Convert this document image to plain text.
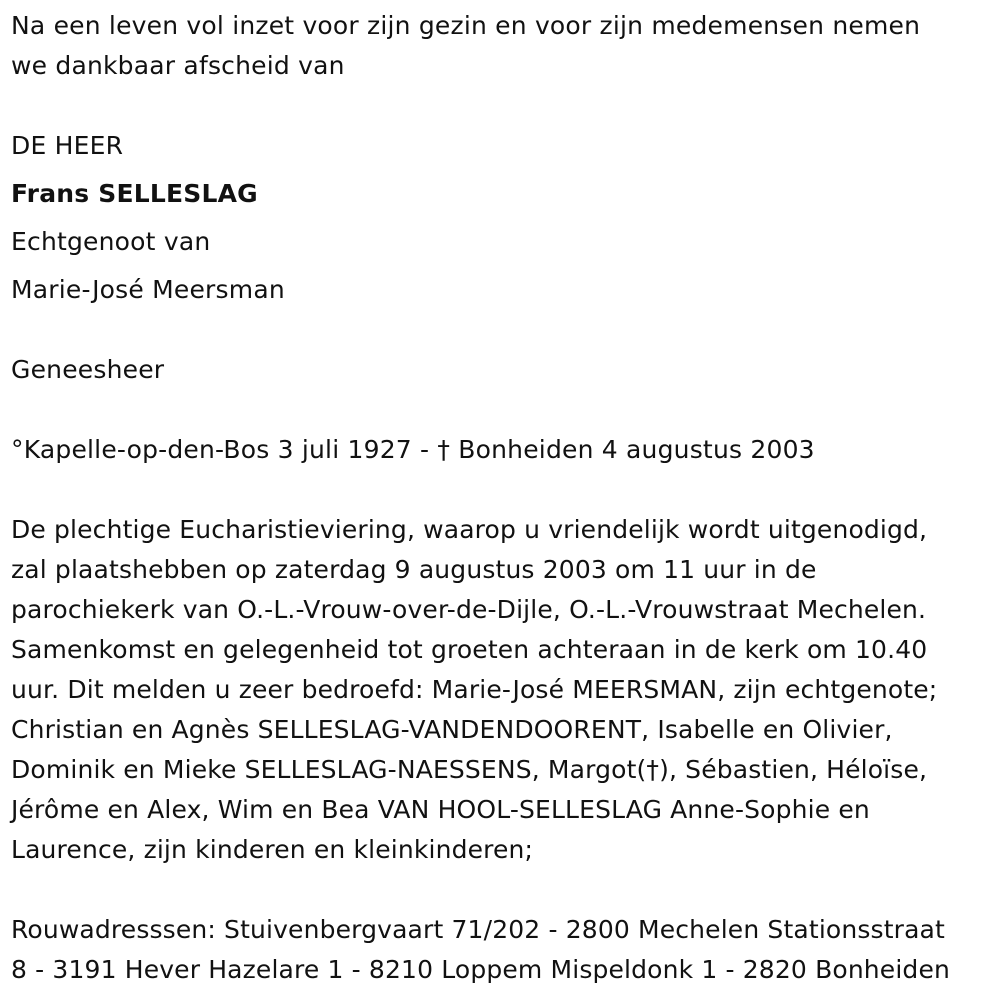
Na een leven vol inzet voor zijn gezin en voor zijn medemensen nemen
we dankbaar afscheid van
DE HEER
Frans SELLESLAG
Echtgenoot van
Marie-José Meersman
Geneesheer
°Kapelle-op-den-Bos 3 juli 1927 - † Bonheiden 4 augustus 2003
De plechtige Eucharistieviering, waarop u vriendelijk wordt uitgenodigd,
zal plaatshebben op zaterdag 9 augustus 2003 om 11 uur in de
parochiekerk van O.-L.-Vrouw-over-de-Dijle, O.-L.-Vrouwstraat Mechelen.
Samenkomst en gelegenheid tot groeten achteraan in de kerk om 10.40
uur. Dit melden u zeer bedroefd: Marie-José MEERSMAN, zijn echtgenote;
Christian en Agnès SELLESLAG-VANDENDOORENT, Isabelle en Olivier,
Dominik en Mieke SELLESLAG-NAESSENS, Margot(†), Sébastien, Héloïse,
Jérôme en Alex, Wim en Bea VAN HOOL-SELLESLAG Anne-Sophie en
Laurence, zijn kinderen en kleinkinderen;
Rouwadresssen: Stuivenbergvaart 71/202 - 2800 Mechelen Stationsstraat
8 - 3191 Hever Hazelare 1 - 8210 Loppem Mispeldonk 1 - 2820 Bonheiden
